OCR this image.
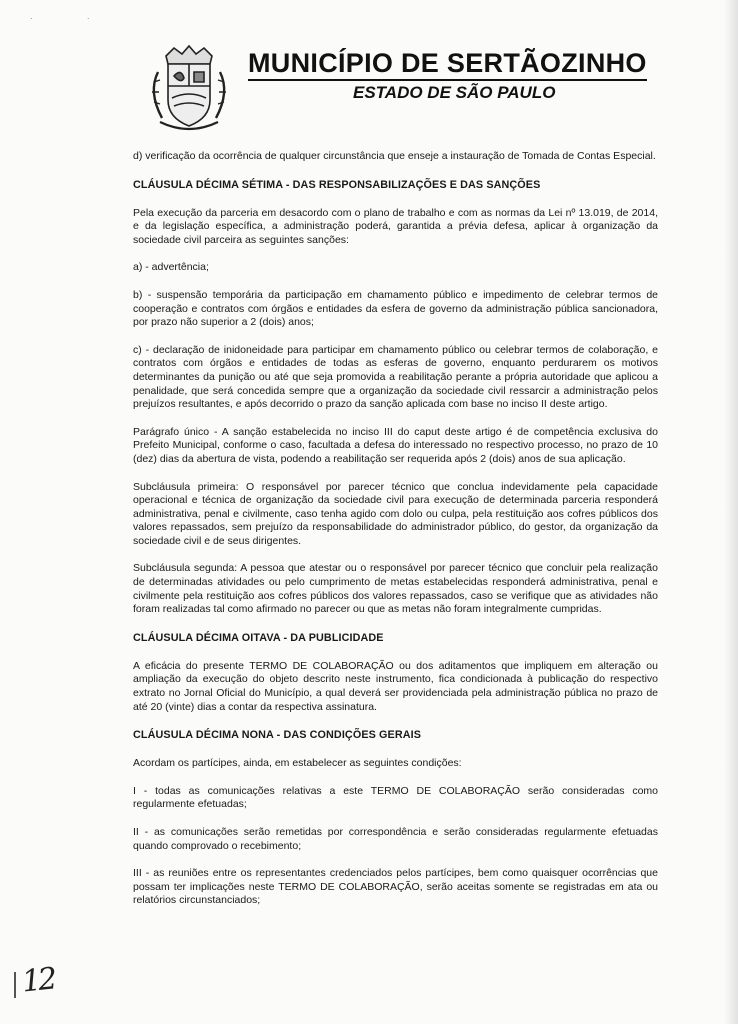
· ·
MUNICÍPIO DE SERTÃOZINHO
ESTADO DE SÃO PAULO

d) verificação da ocorrência de qualquer circunstância que enseje a instauração de Tomada de Contas Especial.

CLÁUSULA DÉCIMA SÉTIMA - DAS RESPONSABILIZAÇÕES E DAS SANÇÕES

Pela execução da parceria em desacordo com o plano de trabalho e com as normas da Lei nº 13.019, de 2014, e da legislação específica, a administração poderá, garantida a prévia defesa, aplicar à organização da sociedade civil parceira as seguintes sanções:

a) - advertência;

b) - suspensão temporária da participação em chamamento público e impedimento de celebrar termos de cooperação e contratos com órgãos e entidades da esfera de governo da administração pública sancionadora, por prazo não superior a 2 (dois) anos;

c) - declaração de inidoneidade para participar em chamamento público ou celebrar termos de colaboração, e contratos com órgãos e entidades de todas as esferas de governo, enquanto perdurarem os motivos determinantes da punição ou até que seja promovida a reabilitação perante a própria autoridade que aplicou a penalidade, que será concedida sempre que a organização da sociedade civil ressarcir a administração pelos prejuízos resultantes, e após decorrido o prazo da sanção aplicada com base no inciso II deste artigo.

Parágrafo único - A sanção estabelecida no inciso III do caput deste artigo é de competência exclusiva do Prefeito Municipal, conforme o caso, facultada a defesa do interessado no respectivo processo, no prazo de 10 (dez) dias da abertura de vista, podendo a reabilitação ser requerida após 2 (dois) anos de sua aplicação.

Subcláusula primeira: O responsável por parecer técnico que conclua indevidamente pela capacidade operacional e técnica de organização da sociedade civil para execução de determinada parceria responderá administrativa, penal e civilmente, caso tenha agido com dolo ou culpa, pela restituição aos cofres públicos dos valores repassados, sem prejuízo da responsabilidade do administrador público, do gestor, da organização da sociedade civil e de seus dirigentes.

Subcláusula segunda: A pessoa que atestar ou o responsável por parecer técnico que concluir pela realização de determinadas atividades ou pelo cumprimento de metas estabelecidas responderá administrativa, penal e civilmente pela restituição aos cofres públicos dos valores repassados, caso se verifique que as atividades não foram realizadas tal como afirmado no parecer ou que as metas não foram integralmente cumpridas.

CLÁUSULA DÉCIMA OITAVA - DA PUBLICIDADE

A eficácia do presente TERMO DE COLABORAÇÃO ou dos aditamentos que impliquem em alteração ou ampliação da execução do objeto descrito neste instrumento, fica condicionada à publicação do respectivo extrato no Jornal Oficial do Município, a qual deverá ser providenciada pela administração pública no prazo de até 20 (vinte) dias a contar da respectiva assinatura.

CLÁUSULA DÉCIMA NONA - DAS CONDIÇÕES GERAIS

Acordam os partícipes, ainda, em estabelecer as seguintes condições:

I - todas as comunicações relativas a este TERMO DE COLABORAÇÃO serão consideradas como regularmente efetuadas;

II - as comunicações serão remetidas por correspondência e serão consideradas regularmente efetuadas quando comprovado o recebimento;

III - as reuniões entre os representantes credenciados pelos partícipes, bem como quaisquer ocorrências que possam ter implicações neste TERMO DE COLABORAÇÃO, serão aceitas somente se registradas em ata ou relatórios circunstanciados;

12
